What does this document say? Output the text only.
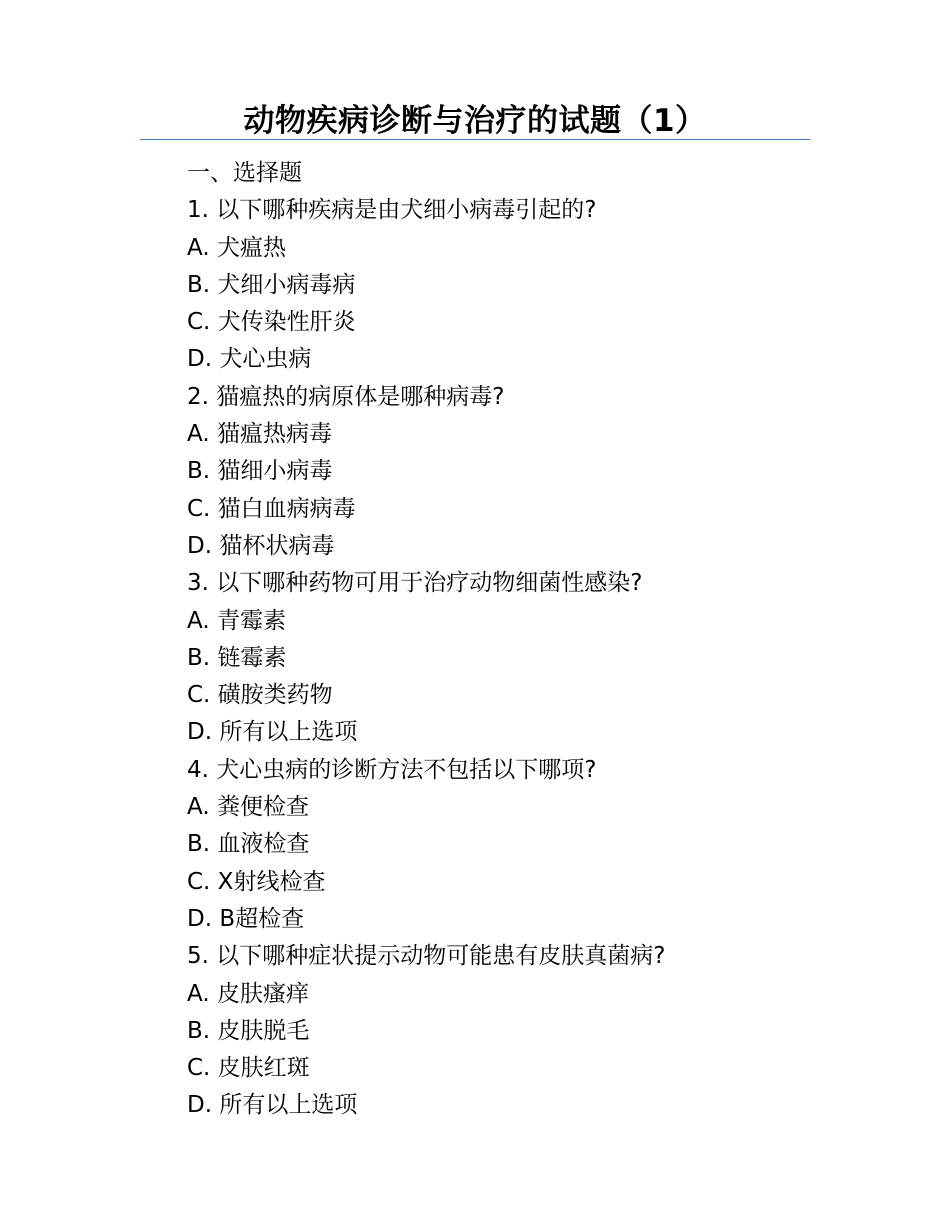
动物疾病诊断与治疗的试题（1）
一、选择题
1. 以下哪种疾病是由犬细小病毒引起的?
A. 犬瘟热
B. 犬细小病毒病
C. 犬传染性肝炎
D. 犬心虫病
2. 猫瘟热的病原体是哪种病毒?
A. 猫瘟热病毒
B. 猫细小病毒
C. 猫白血病病毒
D. 猫杯状病毒
3. 以下哪种药物可用于治疗动物细菌性感染?
A. 青霉素
B. 链霉素
C. 磺胺类药物
D. 所有以上选项
4. 犬心虫病的诊断方法不包括以下哪项?
A. 粪便检查
B. 血液检查
C. X射线检查
D. B超检查
5. 以下哪种症状提示动物可能患有皮肤真菌病?
A. 皮肤瘙痒
B. 皮肤脱毛
C. 皮肤红斑
D. 所有以上选项
